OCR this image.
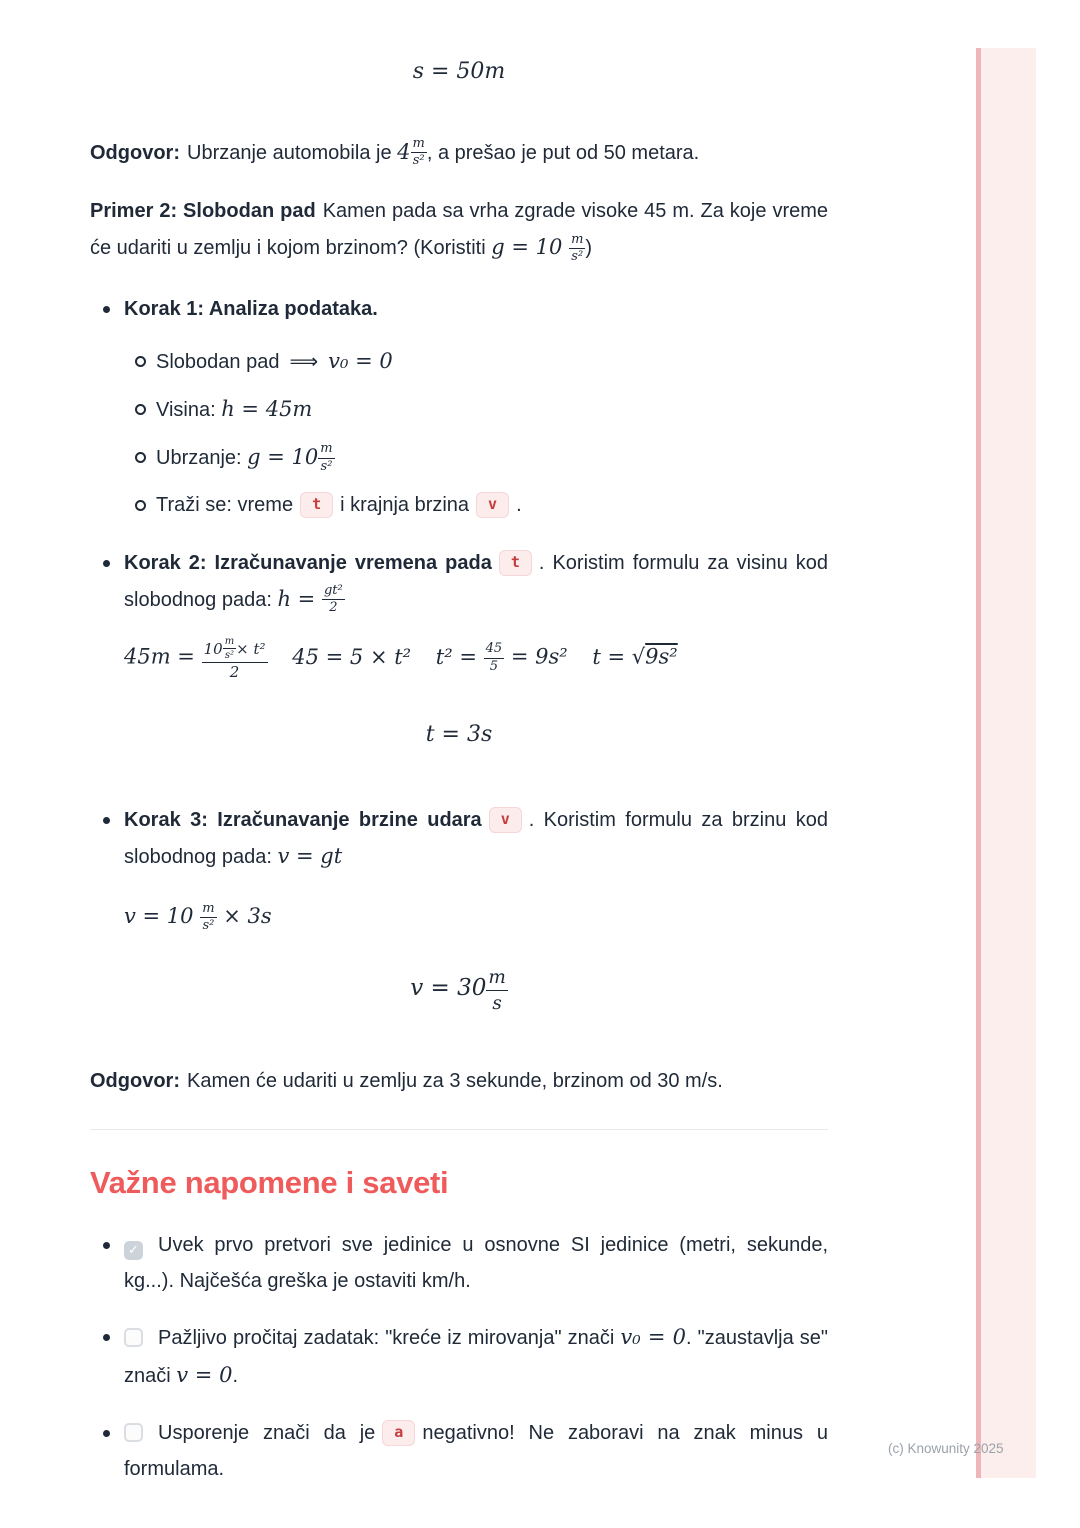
s = 50m

Odgovor: Ubrzanje automobila je $4 \frac{m}{\text{s²}}$ , a prešao je put od 50 metara.

Primer 2: Slobodan pad Kamen pada sa vrha zgrade visoke 45 m. Za koje vreme će udariti u zemlju i kojom brzinom? (Koristiti $g = 10 \frac{m}{\text{s²}}$ )

Korak 1: Analiza podataka.
Slobodan pad ⟹ v₀ = 0
Visina: h = 45m
Ubrzanje: $g = 10 \frac{m}{\text{s²}}$
Traži se: vreme t i krajnja brzina v .
Korak 2: Izračunavanje vremena pada t . Koristim formulu za visinu kod slobodnog pada: $h = \frac{\text{gt²}}{2}$
$45m = \frac{10 \frac{m}{\text{s²}} \times t^2}{2} 45 = 5 \times t^2$ $t^2 = \frac{45}{5} = 9s^2$ t = √9s²
t = 3s
Korak 3: Izračunavanje brzine udara v . Koristim formulu za brzinu kod slobodnog pada: v = gt
$v = 10 \frac{m}{\text{s²}} \times 3s$
$v = 30 \frac{m}{s}$

Odgovor: Kamen će udariti u zemlju za 3 sekunde, brzinom od 30 m/s.

Važne napomene i saveti
✓ Uvek prvo pretvori sve jedinice u osnovne SI jedinice (metri, sekunde, kg...). Najčešća greška je ostaviti km/h.
Pažljivo pročitaj zadatak: "kreće iz mirovanja" znači v₀ = 0. "zaustavlja se" znači v = 0.
Usporenje znači da je a negativno! Ne zaboravi na znak minus u formulama.
(c) Knowunity 2025
